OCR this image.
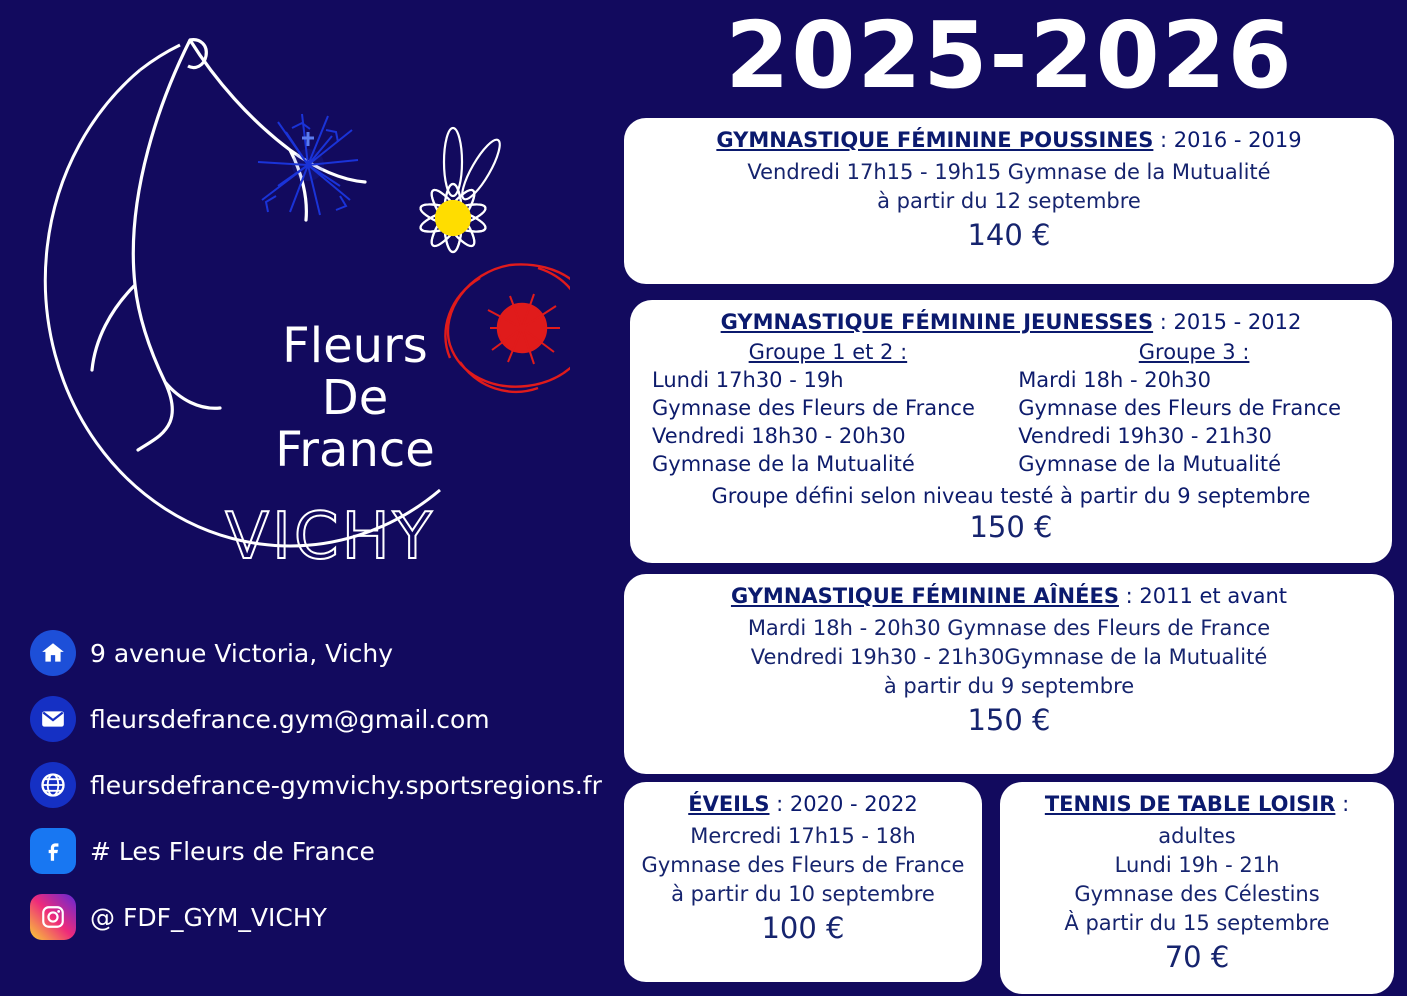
Fleurs
De
France
VICHY
9 avenue Victoria, Vichy
fleursdefrance.gym@gmail.com
fleursdefrance-gymvichy.sportsregions.fr
# Les Fleurs de France
@ FDF_GYM_VICHY
2025-2026
GYMNASTIQUE FÉMININE POUSSINES : 2016 - 2019
Vendredi 17h15 - 19h15 Gymnase de la Mutualité
à partir du 12 septembre
140 €
GYMNASTIQUE FÉMININE JEUNESSES : 2015 - 2012
Groupe 1 et 2 :
Lundi 17h30 - 19h
Gymnase des Fleurs de France
Vendredi 18h30 - 20h30
Gymnase de la Mutualité
Groupe 3 :
Mardi 18h - 20h30
Gymnase des Fleurs de France
Vendredi 19h30 - 21h30
Gymnase de la Mutualité
Groupe défini selon niveau testé à partir du 9 septembre
150 €
GYMNASTIQUE FÉMININE AÎNÉES : 2011 et avant
Mardi 18h - 20h30 Gymnase des Fleurs de France
Vendredi 19h30 - 21h30Gymnase de la Mutualité
à partir du 9 septembre
150 €
ÉVEILS : 2020 - 2022
Mercredi 17h15 - 18h
Gymnase des Fleurs de France
à partir du 10 septembre
100 €
TENNIS DE TABLE LOISIR :
adultes
Lundi 19h - 21h
Gymnase des Célestins
À partir du 15 septembre
70 €
